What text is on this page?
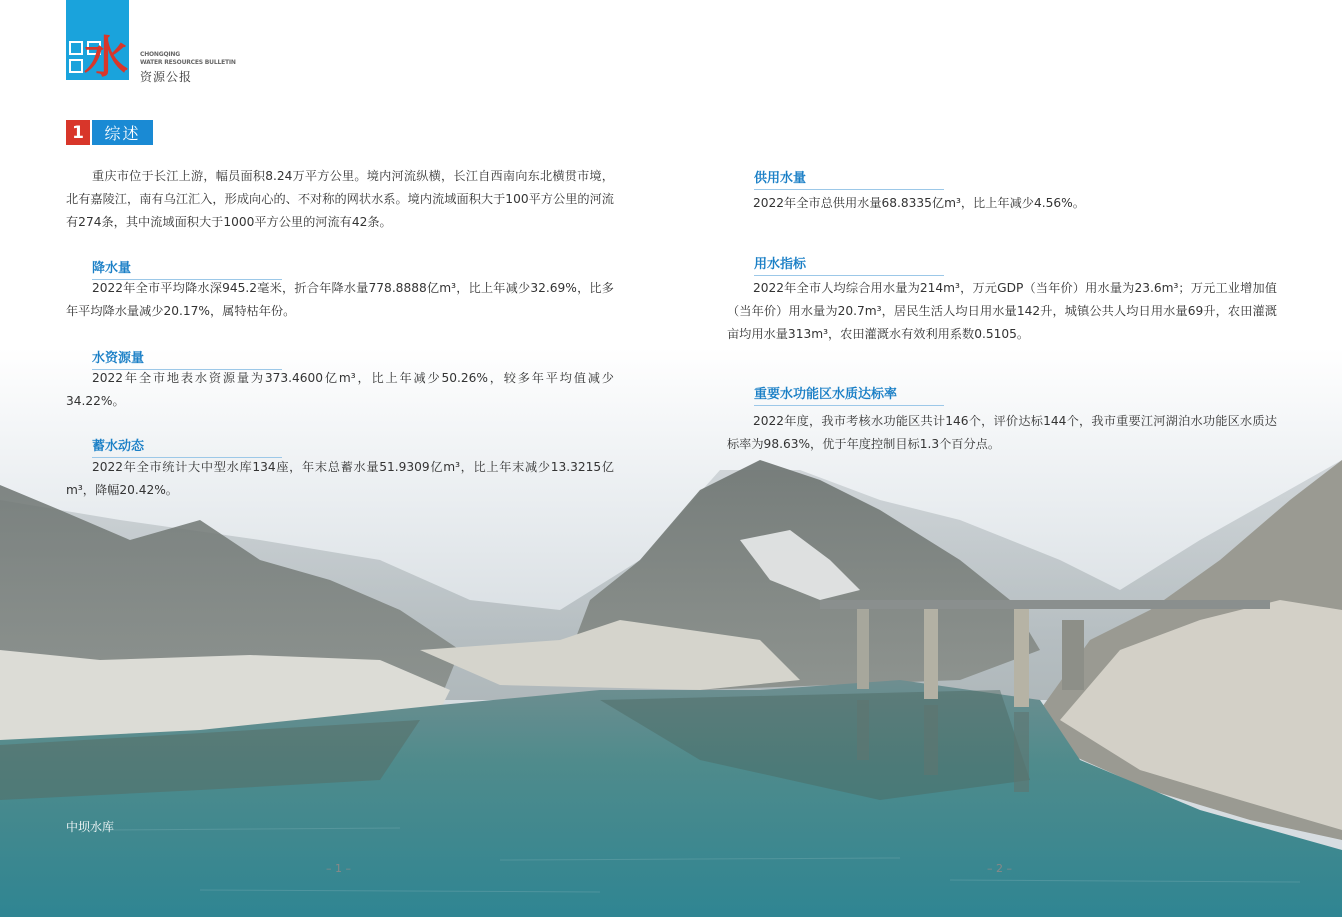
水 CHONGQING
WATER RESOURCES BULLETIN
资源公报
1	综述
重庆市位于长江上游，幅员面积8.24万平方公里。境内河流纵横，长江自西南向东北横贯市境，北有嘉陵江，南有乌江汇入，形成向心的、不对称的网状水系。境内流域面积大于100平方公里的河流有274条，其中流域面积大于1000平方公里的河流有42条。
降水量
2022年全市平均降水深945.2毫米，折合年降水量778.8888亿m³，比上年减少32.69%，比多年平均降水量减少20.17%，属特枯年份。
水资源量
2022年全市地表水资源量为373.4600亿m³，比上年减少50.26%，较多年平均值减少34.22%。
蓄水动态
2022年全市统计大中型水库134座，年末总蓄水量51.9309亿m³，比上年末减少13.3215亿m³，降幅20.42%。
供用水量
2022年全市总供用水量68.8335亿m³，比上年减少4.56%。
用水指标
2022年全市人均综合用水量为214m³，万元GDP（当年价）用水量为23.6m³；万元工业增加值（当年价）用水量为20.7m³，居民生活人均日用水量142升，城镇公共人均日用水量69升，农田灌溉亩均用水量313m³，农田灌溉水有效利用系数0.5105。
重要水功能区水质达标率
2022年度，我市考核水功能区共计146个，评价达标144个，我市重要江河湖泊水功能区水质达标率为98.63%，优于年度控制目标1.3个百分点。
中坝水库
– 1 –	– 2 –
